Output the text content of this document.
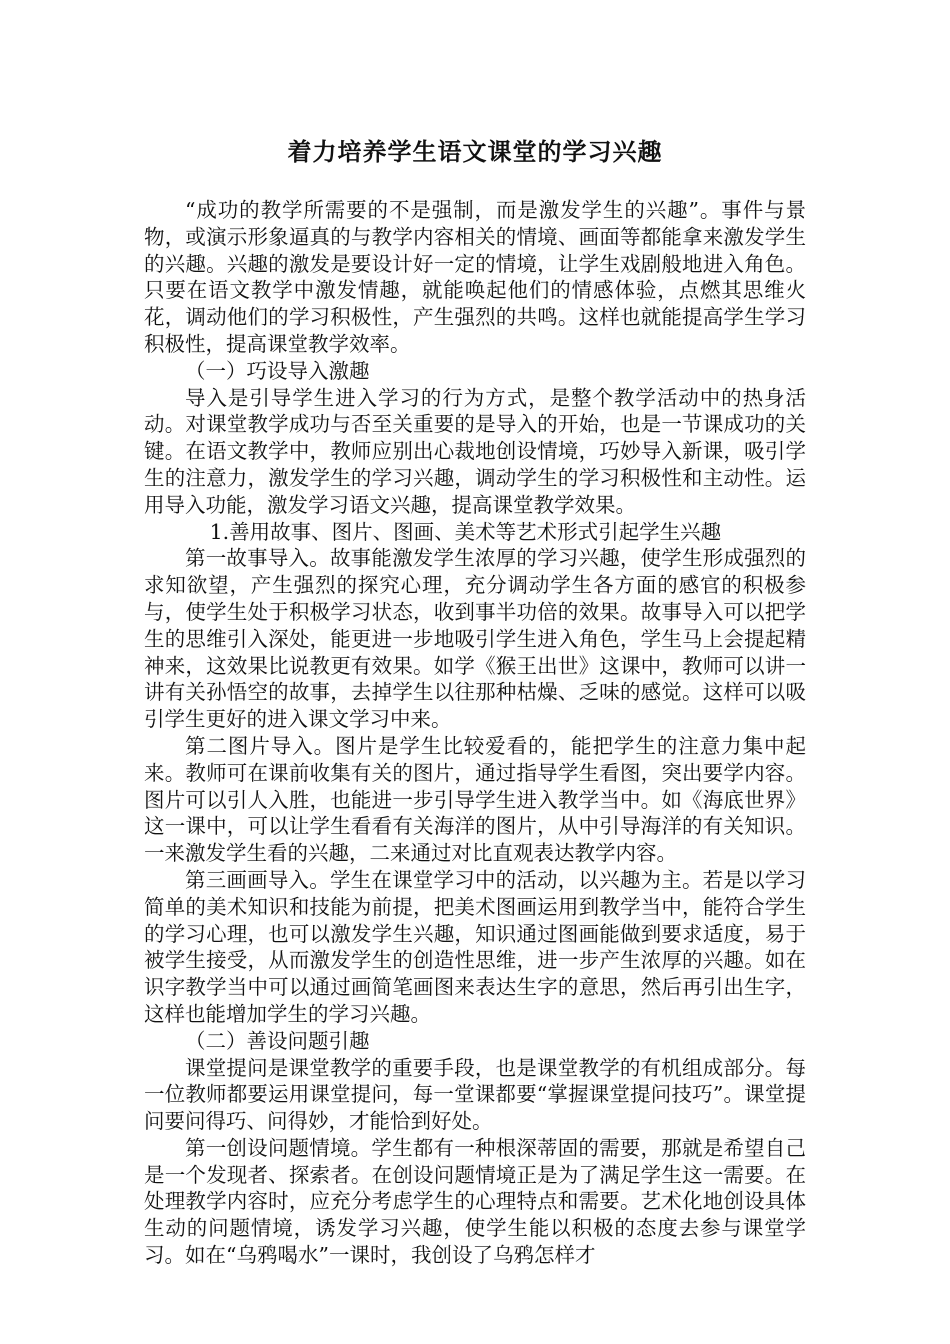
着力培养学生语文课堂的学习兴趣

“成功的教学所需要的不是强制，而是激发学生的兴趣”。事件与景物，或演示形象逼真的与教学内容相关的情境、画面等都能拿来激发学生的兴趣。兴趣的激发是要设计好一定的情境，让学生戏剧般地进入角色。只要在语文教学中激发情趣，就能唤起他们的情感体验，点燃其思维火花，调动他们的学习积极性，产生强烈的共鸣。这样也就能提高学生学习积极性，提高课堂教学效率。

（一）巧设导入激趣

导入是引导学生进入学习的行为方式，是整个教学活动中的热身活动。对课堂教学成功与否至关重要的是导入的开始，也是一节课成功的关键。在语文教学中，教师应别出心裁地创设情境，巧妙导入新课，吸引学生的注意力，激发学生的学习兴趣，调动学生的学习积极性和主动性。运用导入功能，激发学习语文兴趣，提高课堂教学效果。

1.善用故事、图片、图画、美术等艺术形式引起学生兴趣

第一故事导入。故事能激发学生浓厚的学习兴趣，使学生形成强烈的求知欲望，产生强烈的探究心理，充分调动学生各方面的感官的积极参与，使学生处于积极学习状态，收到事半功倍的效果。故事导入可以把学生的思维引入深处，能更进一步地吸引学生进入角色，学生马上会提起精神来，这效果比说教更有效果。如学《猴王出世》这课中，教师可以讲一讲有关孙悟空的故事，去掉学生以往那种枯燥、乏味的感觉。这样可以吸引学生更好的进入课文学习中来。

第二图片导入。图片是学生比较爱看的，能把学生的注意力集中起来。教师可在课前收集有关的图片，通过指导学生看图，突出要学内容。图片可以引人入胜，也能进一步引导学生进入教学当中。如《海底世界》这一课中，可以让学生看看有关海洋的图片，从中引导海洋的有关知识。一来激发学生看的兴趣，二来通过对比直观表达教学内容。

第三画画导入。学生在课堂学习中的活动，以兴趣为主。若是以学习简单的美术知识和技能为前提，把美术图画运用到教学当中，能符合学生的学习心理，也可以激发学生兴趣，知识通过图画能做到要求适度，易于被学生接受，从而激发学生的创造性思维，进一步产生浓厚的兴趣。如在识字教学当中可以通过画简笔画图来表达生字的意思，然后再引出生字，这样也能增加学生的学习兴趣。

（二）善设问题引趣

课堂提问是课堂教学的重要手段，也是课堂教学的有机组成部分。每一位教师都要运用课堂提问，每一堂课都要“掌握课堂提问技巧”。课堂提问要问得巧、问得妙，才能恰到好处。

第一创设问题情境。学生都有一种根深蒂固的需要，那就是希望自己是一个发现者、探索者。在创设问题情境正是为了满足学生这一需要。在处理教学内容时，应充分考虑学生的心理特点和需要。艺术化地创设具体生动的问题情境，诱发学习兴趣，使学生能以积极的态度去参与课堂学习。如在“乌鸦喝水”一课时，我创设了乌鸦怎样才
